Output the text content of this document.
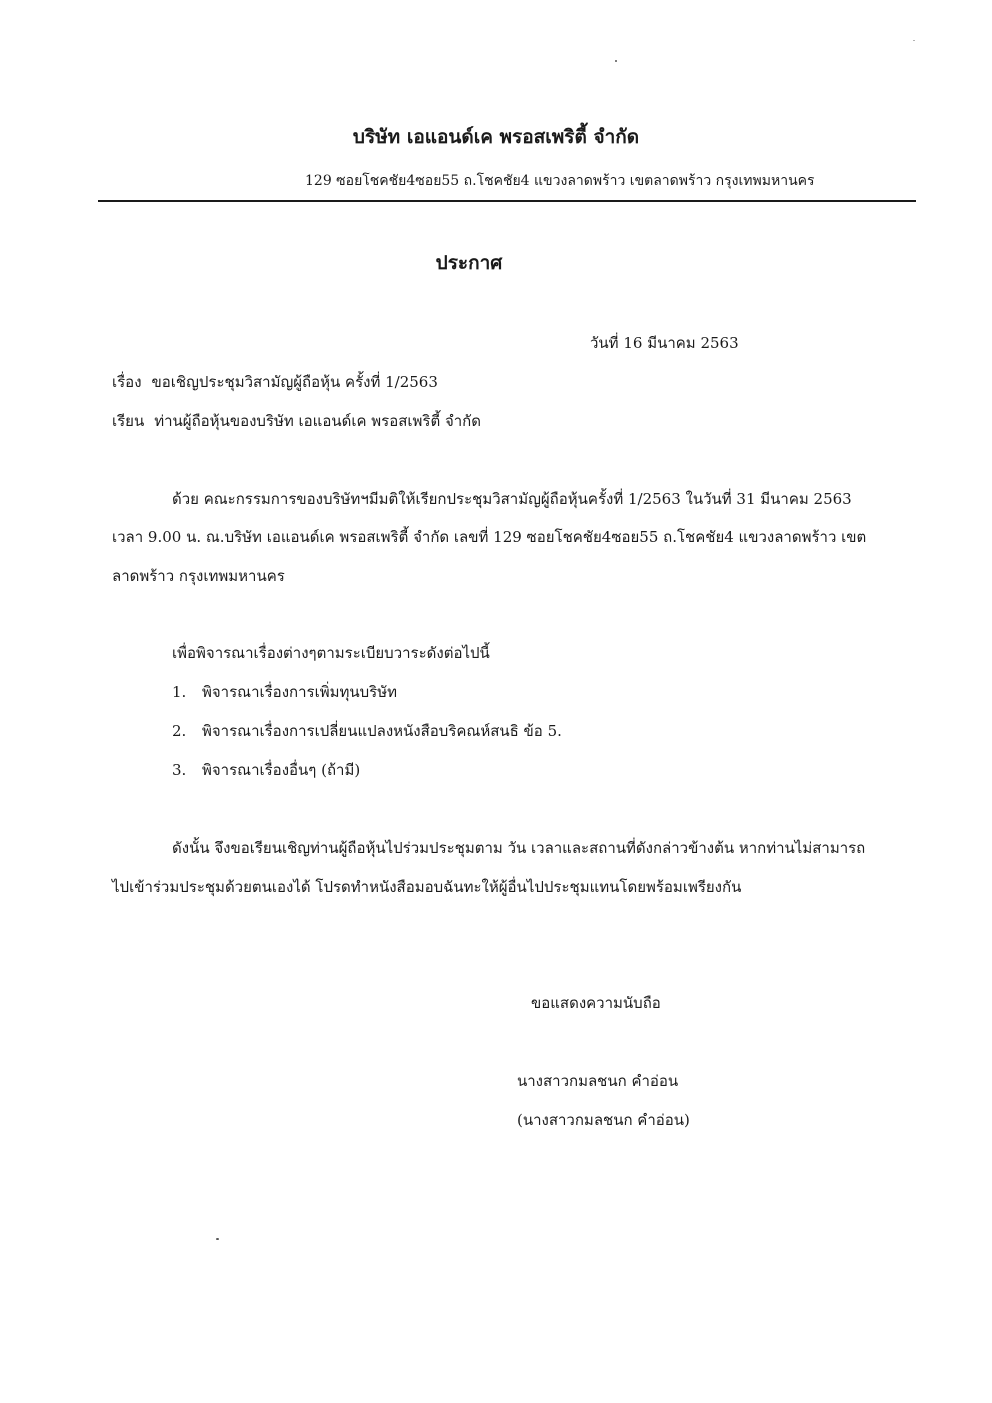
บริษัท เอแอนด์เค พรอสเพริตี้ จำกัด
129 ซอยโชคชัย4ซอย55 ถ.โชคชัย4 แขวงลาดพร้าว เขตลาดพร้าว กรุงเทพมหานคร
ประกาศ
วันที่ 16 มีนาคม 2563
เรื่อง ขอเชิญประชุมวิสามัญผู้ถือหุ้น ครั้งที่ 1/2563
เรียน ท่านผู้ถือหุ้นของบริษัท เอแอนด์เค พรอสเพริตี้ จำกัด
ด้วย คณะกรรมการของบริษัทฯมีมติให้เรียกประชุมวิสามัญผู้ถือหุ้นครั้งที่ 1/2563 ในวันที่ 31 มีนาคม 2563
เวลา 9.00 น. ณ.บริษัท เอแอนด์เค พรอสเพริตี้ จำกัด เลขที่ 129 ซอยโชคชัย4ซอย55 ถ.โชคชัย4 แขวงลาดพร้าว เขต
ลาดพร้าว กรุงเทพมหานคร
เพื่อพิจารณาเรื่องต่างๆตามระเบียบวาระดังต่อไปนี้
1. พิจารณาเรื่องการเพิ่มทุนบริษัท
2. พิจารณาเรื่องการเปลี่ยนแปลงหนังสือบริคณห์สนธิ ข้อ 5.
3. พิจารณาเรื่องอื่นๆ (ถ้ามี)
ดังนั้น จึงขอเรียนเชิญท่านผู้ถือหุ้นไปร่วมประชุมตาม วัน เวลาและสถานที่ดังกล่าวข้างต้น หากท่านไม่สามารถ
ไปเข้าร่วมประชุมด้วยตนเองได้ โปรดทำหนังสือมอบฉันทะให้ผู้อื่นไปประชุมแทนโดยพร้อมเพรียงกัน
ขอแสดงความนับถือ
นางสาวกมลชนก คำอ่อน
(นางสาวกมลชนก คำอ่อน)
